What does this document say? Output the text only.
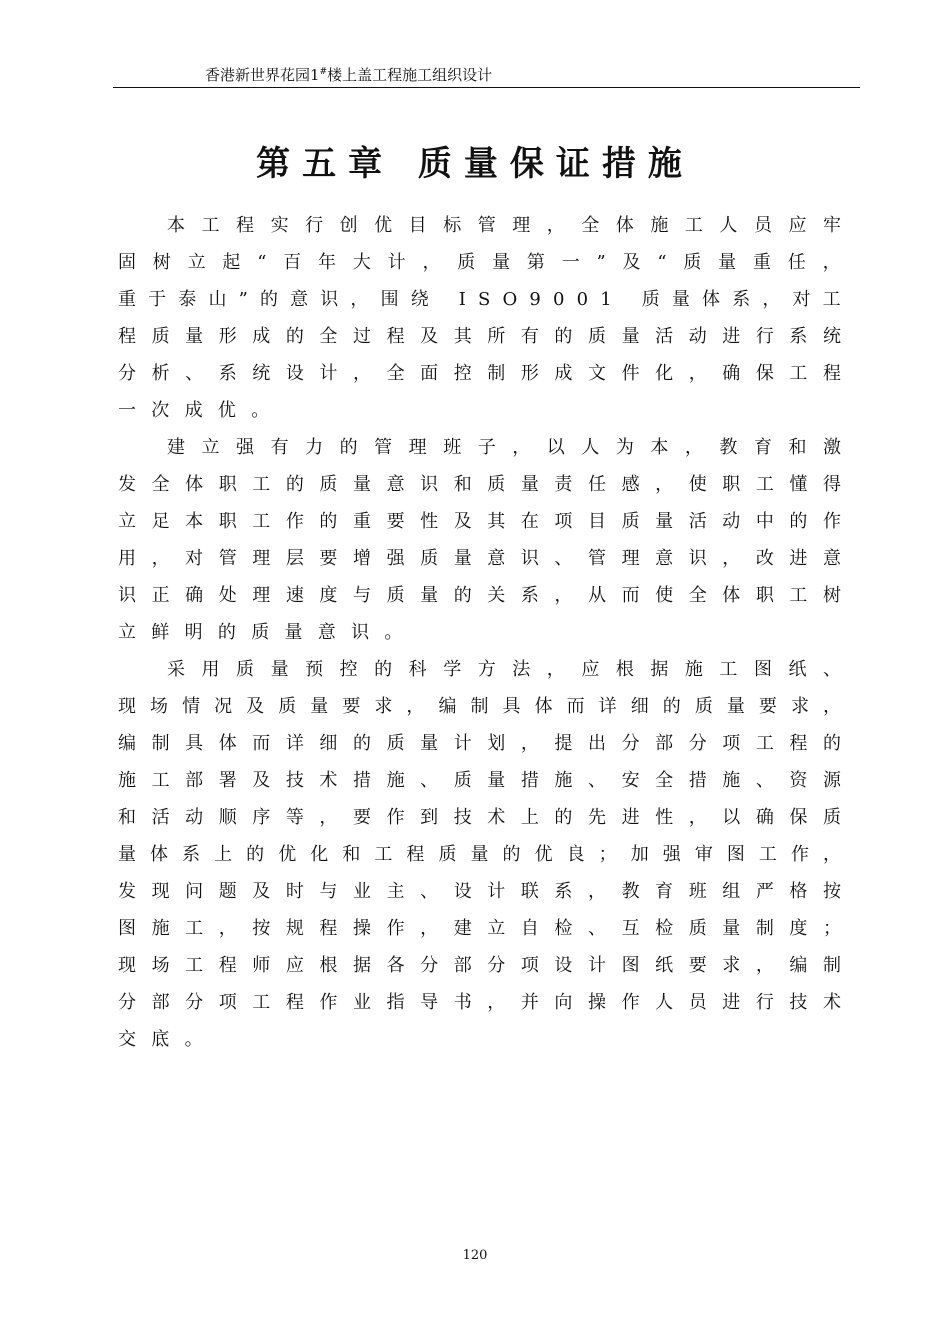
香港新世界花园1#楼上盖工程施工组织设计
第五章 质量保证措施
本工程实行创优目标管理，全体施工人员应牢
固树立起“百年大计，质量第一”及“质量重任，
重于泰山”的意识，围绕 ISO9001 质量体系，对工
程质量形成的全过程及其所有的质量活动进行系统
分析、系统设计，全面控制形成文件化，确保工程
一次成优。
建立强有力的管理班子，以人为本，教育和激
发全体职工的质量意识和质量责任感，使职工懂得
立足本职工作的重要性及其在项目质量活动中的作
用，对管理层要增强质量意识、管理意识，改进意
识正确处理速度与质量的关系，从而使全体职工树
立鲜明的质量意识。
采用质量预控的科学方法，应根据施工图纸、
现场情况及质量要求，编制具体而详细的质量要求，
编制具体而详细的质量计划，提出分部分项工程的
施工部署及技术措施、质量措施、安全措施、资源
和活动顺序等，要作到技术上的先进性，以确保质
量体系上的优化和工程质量的优良；加强审图工作，
发现问题及时与业主、设计联系，教育班组严格按
图施工，按规程操作，建立自检、互检质量制度；
现场工程师应根据各分部分项设计图纸要求，编制
分部分项工程作业指导书，并向操作人员进行技术
交底。
120
